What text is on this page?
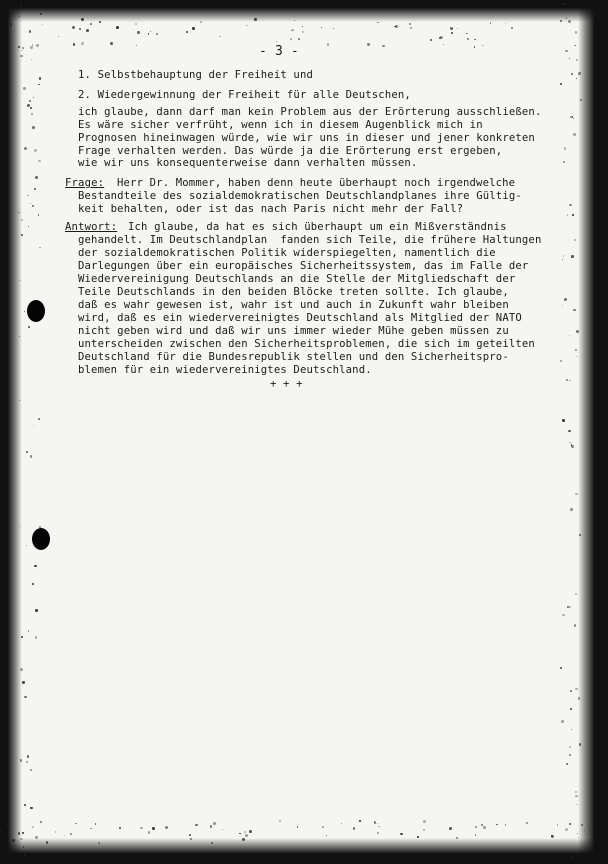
- 3 -
1. Selbstbehauptung der Freiheit und
2. Wiedergewinnung der Freiheit für alle Deutschen,
ich glaube, dann darf man kein Problem aus der Erörterung ausschließen.
Es wäre sicher verfrüht, wenn ich in diesem Augenblick mich in
Prognosen hineinwagen würde, wie wir uns in dieser und jener konkreten
Frage verhalten werden. Das würde ja die Erörterung erst ergeben,
wie wir uns konsequenterweise dann verhalten müssen.
Frage: Herr Dr. Mommer, haben denn heute überhaupt noch irgendwelche
Bestandteile des sozialdemokratischen Deutschlandplanes ihre Gültig-
keit behalten, oder ist das nach Paris nicht mehr der Fall?
Antwort: Ich glaube, da hat es sich überhaupt um ein Mißverständnis
gehandelt. Im Deutschlandplan  fanden sich Teile, die frühere Haltungen
der sozialdemokratischen Politik widerspiegelten, namentlich die
Darlegungen über ein europäisches Sicherheitssystem, das im Falle der
Wiedervereinigung Deutschlands an die Stelle der Mitgliedschaft der
Teile Deutschlands in den beiden Blöcke treten sollte. Ich glaube,
daß es wahr gewesen ist, wahr ist und auch in Zukunft wahr bleiben
wird, daß es ein wiedervereinigtes Deutschland als Mitglied der NATO
nicht geben wird und daß wir uns immer wieder Mühe geben müssen zu
unterscheiden zwischen den Sicherheitsproblemen, die sich im geteilten
Deutschland für die Bundesrepublik stellen und den Sicherheitspro-
blemen für ein wiedervereinigtes Deutschland.
+ + +
